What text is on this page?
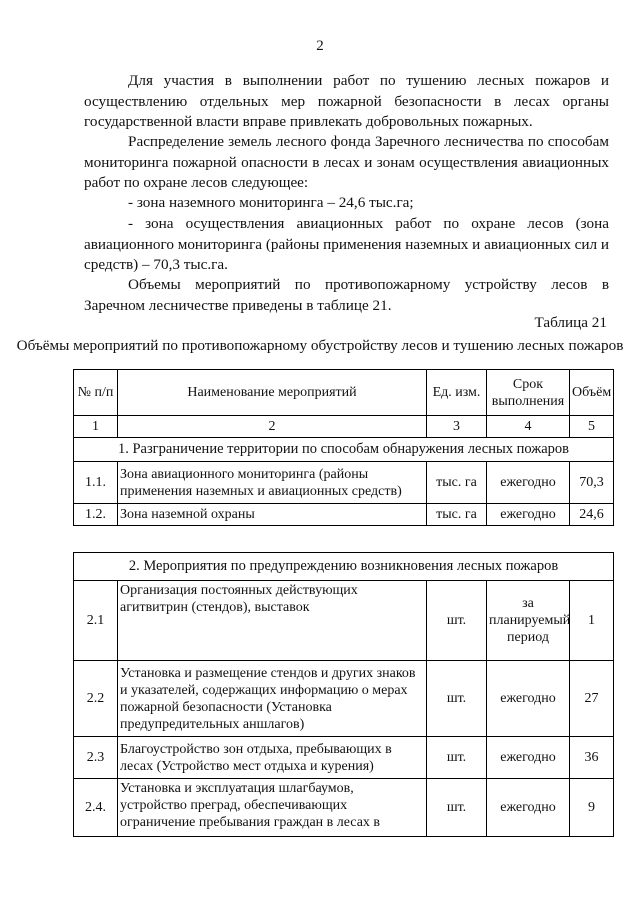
2

Для участия в выполнении работ по тушению лесных пожаров и осуществлению отдельных мер пожарной безопасности в лесах органы государственной власти вправе привлекать добровольных пожарных.

Распределение земель лесного фонда Заречного лесничества по способам мониторинга пожарной опасности в лесах и зонам осуществления авиационных работ по охране лесов следующее:

- зона наземного мониторинга – 24,6 тыс.га;

- зона осуществления авиационных работ по охране лесов (зона авиационного мониторинга (районы применения наземных и авиационных сил и средств) – 70,3 тыс.га.

Объемы мероприятий по противопожарному устройству лесов в Заречном лесничестве приведены в таблице 21.

Таблица 21
Объёмы мероприятий по противопожарному обустройству лесов и тушению лесных пожаров
№ п/п	Наименование мероприятий	Ед. изм.	Срок выполнения	Объём
1	2	3	4	5
1. Разграничение территории по способам обнаружения лесных пожаров				
1.1.	Зона авиационного мониторинга (районы применения наземных и авиационных средств)	тыс. га	ежегодно	70,3
1.2.	Зона наземной охраны	тыс. га	ежегодно	24,6
2. Мероприятия по предупреждению возникновения лесных пожаров				
2.1	Организация постоянных действующих агитвитрин (стендов), выставок	шт.	за планируемый период	1
2.2	Установка и размещение стендов и других знаков и указателей, содержащих информацию о мерах пожарной безопасности (Установка предупредительных аншлагов)	шт.	ежегодно	27
2.3	Благоустройство зон отдыха, пребывающих в лесах (Устройство мест отдыха и курения)	шт.	ежегодно	36
2.4.	Установка и эксплуатация шлагбаумов, устройство преград, обеспечивающих ограничение пребывания граждан в лесах в	шт.	ежегодно	9
